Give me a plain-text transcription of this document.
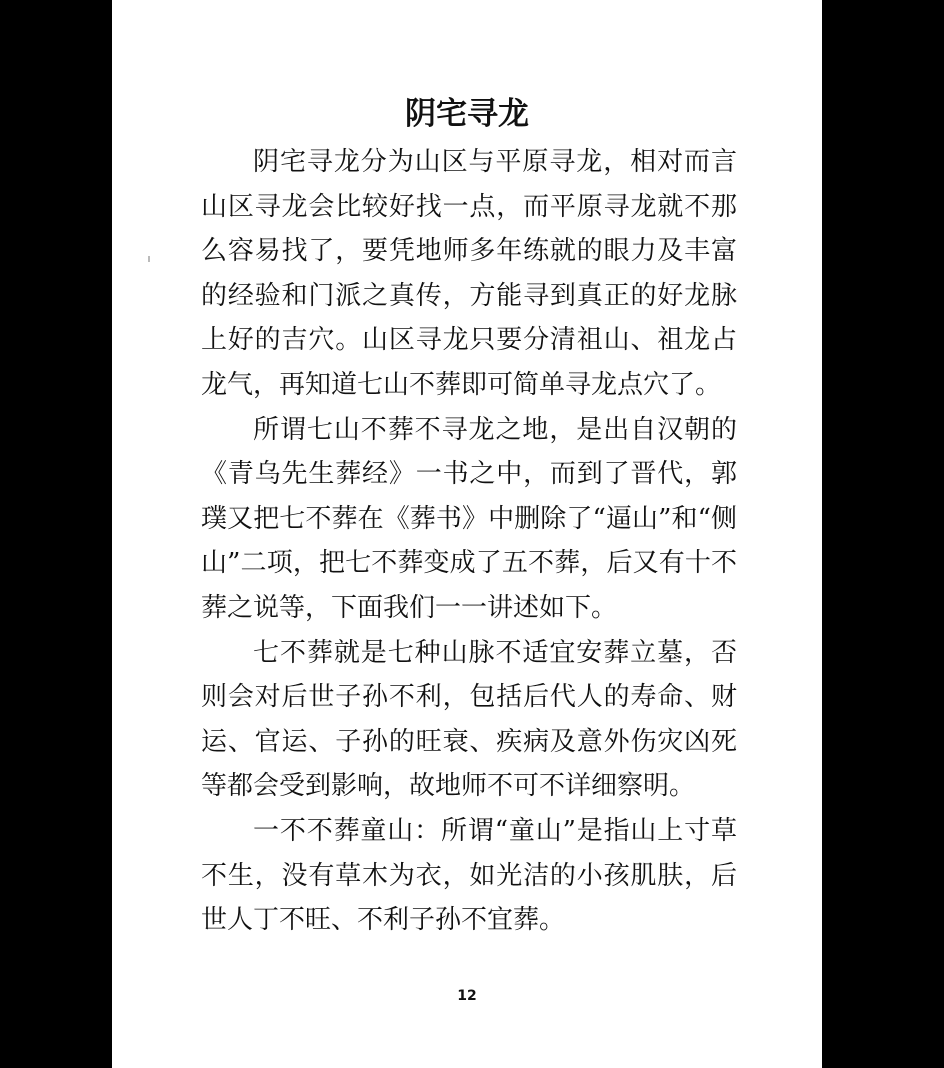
阴宅寻龙

阴宅寻龙分为山区与平原寻龙，相对而言山区寻龙会比较好找一点，而平原寻龙就不那么容易找了，要凭地师多年练就的眼力及丰富的经验和门派之真传，方能寻到真正的好龙脉上好的吉穴。山区寻龙只要分清祖山、祖龙占龙气，再知道七山不葬即可简单寻龙点穴了。

所谓七山不葬不寻龙之地，是出自汉朝的《青乌先生葬经》一书之中，而到了晋代，郭璞又把七不葬在《葬书》中删除了“逼山”和“侧山”二项，把七不葬变成了五不葬，后又有十不葬之说等，下面我们一一讲述如下。

七不葬就是七种山脉不适宜安葬立墓，否则会对后世子孙不利，包括后代人的寿命、财运、官运、子孙的旺衰、疾病及意外伤灾凶死等都会受到影响，故地师不可不详细察明。

一不不葬童山：所谓“童山”是指山上寸草不生，没有草木为衣，如光洁的小孩肌肤，后世人丁不旺、不利子孙不宜葬。

12
